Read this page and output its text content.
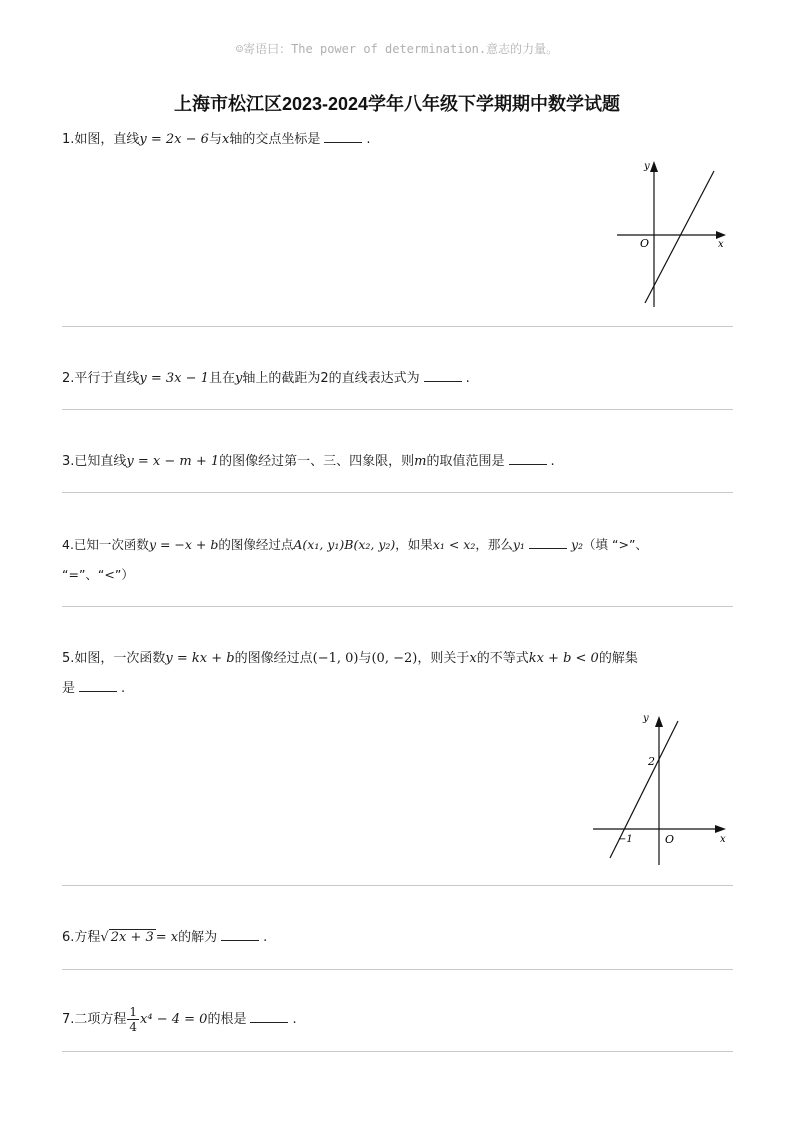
☺寄语曰：The power of determination.意志的力量。
上海市松江区2023-2024学年八年级下学期期中数学试题
1.如图，直线y = 2x − 6与x轴的交点坐标是	.
x
y
O
2.平行于直线y = 3x − 1且在y轴上的截距为2的直线表达式为	.
3.已知直线y = x − m + 1的图像经过第一、三、四象限，则m的取值范围是	.
4.已知一次函数y = −x + b的图像经过点A(x₁, y₁)B(x₂, y₂)，如果x₁ < x₂，那么y₁	y₂（填 “>”、
“=”、“<”）
5.如图，一次函数y = kx + b的图像经过点(−1, 0)与(0, −2)，则关于x的不等式kx + b < 0的解集
是	.
x
y
O
2
−1
6.方程√ 2x + 3 = x的解为	.
7.二项方程 $\frac{1}{4} x^4 - 4 = 0$的根是	.
